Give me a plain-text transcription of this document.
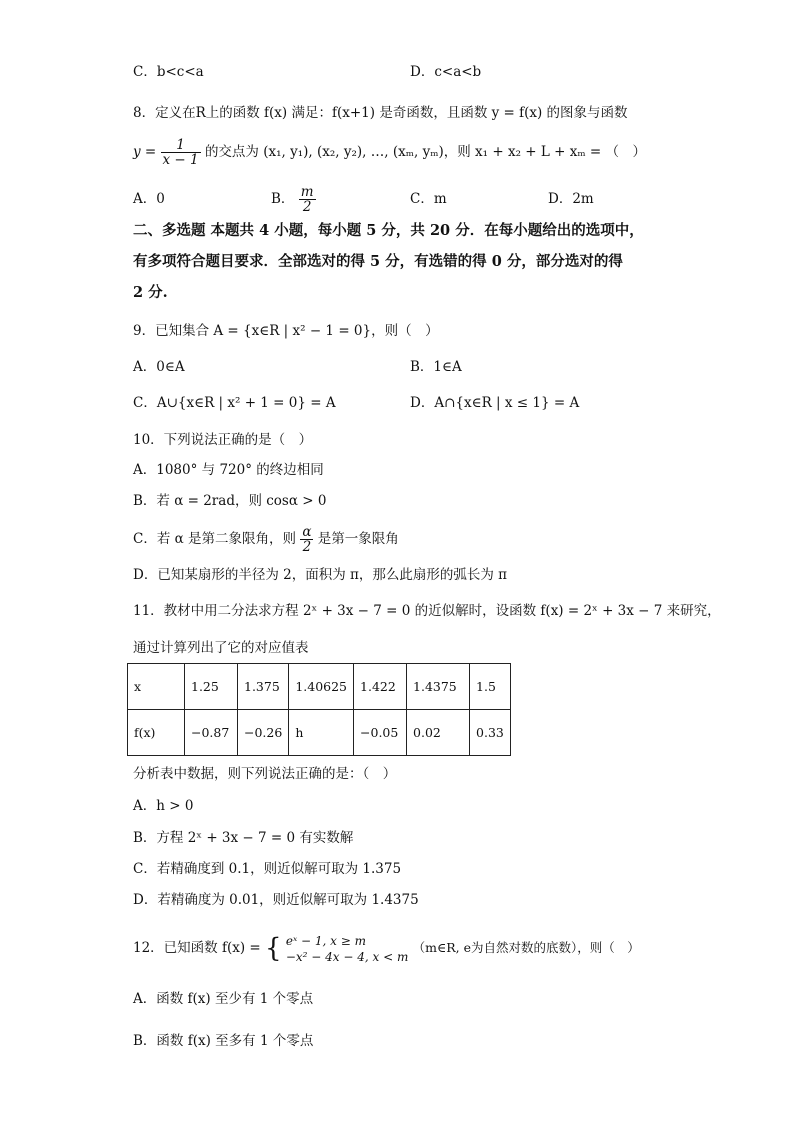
C．b<c<a	D．c<a<b
8．定义在R上的函数 f(x) 满足：f(x+1) 是奇函数，且函数 y = f(x) 的图象与函数
$y = \frac{1}{x - 1}$ 的交点为 (x₁, y₁), (x₂, y₂), …, (xₘ, yₘ)，则 x₁ + x₂ + L + xₘ = （　）
A．0	B． $\frac{m}{2}$	C．m	D．2m
二、多选题 本题共 4 小题，每小题 5 分，共 20 分．在每小题给出的选项中，
有多项符合题目要求．全部选对的得 5 分，有选错的得 0 分，部分选对的得
2 分.
9．已知集合 A = {x∈R | x² − 1 = 0}，则（　）
A．0∈A	B．1∈A
C．A∪{x∈R | x² + 1 = 0} = A	D．A∩{x∈R | x ≤ 1} = A
10．下列说法正确的是（　）
A．1080° 与 720° 的终边相同
B．若 α = 2rad，则 cosα > 0
C．若 α 是第二象限角，则 $\frac{\alpha}{2}$ 是第一象限角
D．已知某扇形的半径为 2，面积为 π，那么此扇形的弧长为 π
11．教材中用二分法求方程 2ˣ + 3x − 7 = 0 的近似解时，设函数 f(x) = 2ˣ + 3x − 7 来研究，
通过计算列出了它的对应值表
x	1.25	1.375	1.40625	1.422	1.4375	1.5
f(x)	−0.87	−0.26	h	−0.05	0.02	0.33
分析表中数据，则下列说法正确的是：（　）
A．h > 0
B．方程 2ˣ + 3x − 7 = 0 有实数解
C．若精确度到 0.1，则近似解可取为 1.375
D．若精确度为 0.01，则近似解可取为 1.4375
12．已知函数 f(x) = { eˣ − 1, x ≥ m
−x² − 4x − 4, x < m
（m∈R, e为自然对数的底数），则（　）
A．函数 f(x) 至少有 1 个零点
B．函数 f(x) 至多有 1 个零点
